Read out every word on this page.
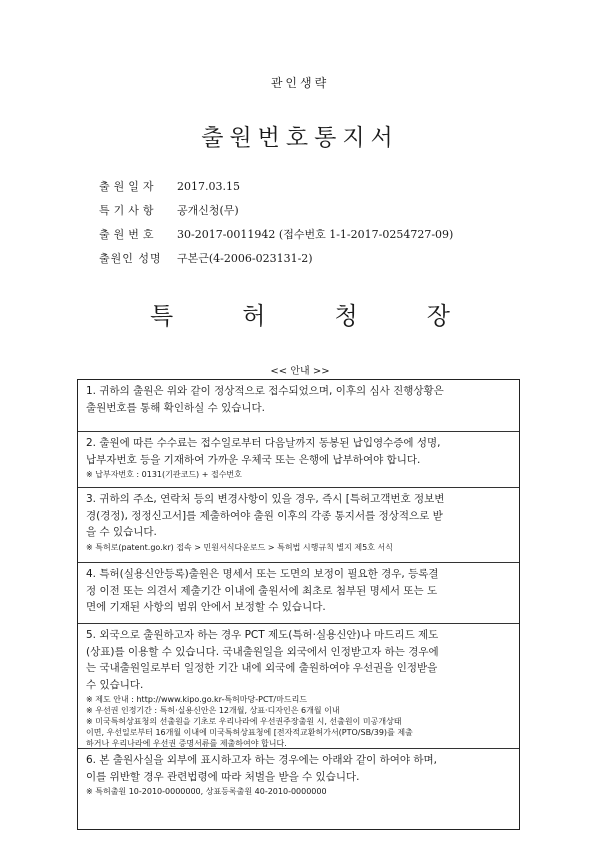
관인생략
출원번호통지서
출원일자	2017.03.15
특기사항	공개신청(무)
출원번호	30-2017-0011942 (접수번호 1-1-2017-0254727-09)
출원인 성명	구본근(4-2006-023131-2)
특	허	청	장
<< 안내 >>

1. 귀하의 출원은 위와 같이 정상적으로 접수되었으며, 이후의 심사 진행상황은
출원번호를 통해 확인하실 수 있습니다.

2. 출원에 따른 수수료는 접수일로부터 다음날까지 동봉된 납입영수증에 성명,
납부자번호 등을 기재하여 가까운 우체국 또는 은행에 납부하여야 합니다.

※ 납부자번호 : 0131(기관코드) + 접수번호

3. 귀하의 주소, 연락처 등의 변경사항이 있을 경우, 즉시 [특허고객번호 정보변
경(경정), 정정신고서]를 제출하여야 출원 이후의 각종 통지서를 정상적으로 받
을 수 있습니다.

※ 특허로(patent.go.kr) 접속 > 민원서식다운로드 > 특허법 시행규칙 별지 제5호 서식

4. 특허(실용신안등록)출원은 명세서 또는 도면의 보정이 필요한 경우, 등록결
정 이전 또는 의견서 제출기간 이내에 출원서에 최초로 첨부된 명세서 또는 도
면에 기재된 사항의 범위 안에서 보정할 수 있습니다.

5. 외국으로 출원하고자 하는 경우 PCT 제도(특허·실용신안)나 마드리드 제도
(상표)를 이용할 수 있습니다. 국내출원일을 외국에서 인정받고자 하는 경우에
는 국내출원일로부터 일정한 기간 내에 외국에 출원하여야 우선권을 인정받을
수 있습니다.

※ 제도 안내 : http://www.kipo.go.kr-특허마당-PCT/마드리드

※ 우선권 인정기간 : 특허·실용신안은 12개월, 상표·디자인은 6개월 이내

※ 미국특허상표청의 선출원을 기초로 우리나라에 우선권주장출원 시, 선출원이 미공개상태

이면, 우선일로부터 16개월 이내에 미국특허상표청에 [전자적교환허가서(PTO/SB/39)를 제출

하거나 우리나라에 우선권 증명서류를 제출하여야 합니다.

6. 본 출원사실을 외부에 표시하고자 하는 경우에는 아래와 같이 하여야 하며,
이를 위반할 경우 관련법령에 따라 처벌을 받을 수 있습니다.

※ 특허출원 10-2010-0000000, 상표등록출원 40-2010-0000000
